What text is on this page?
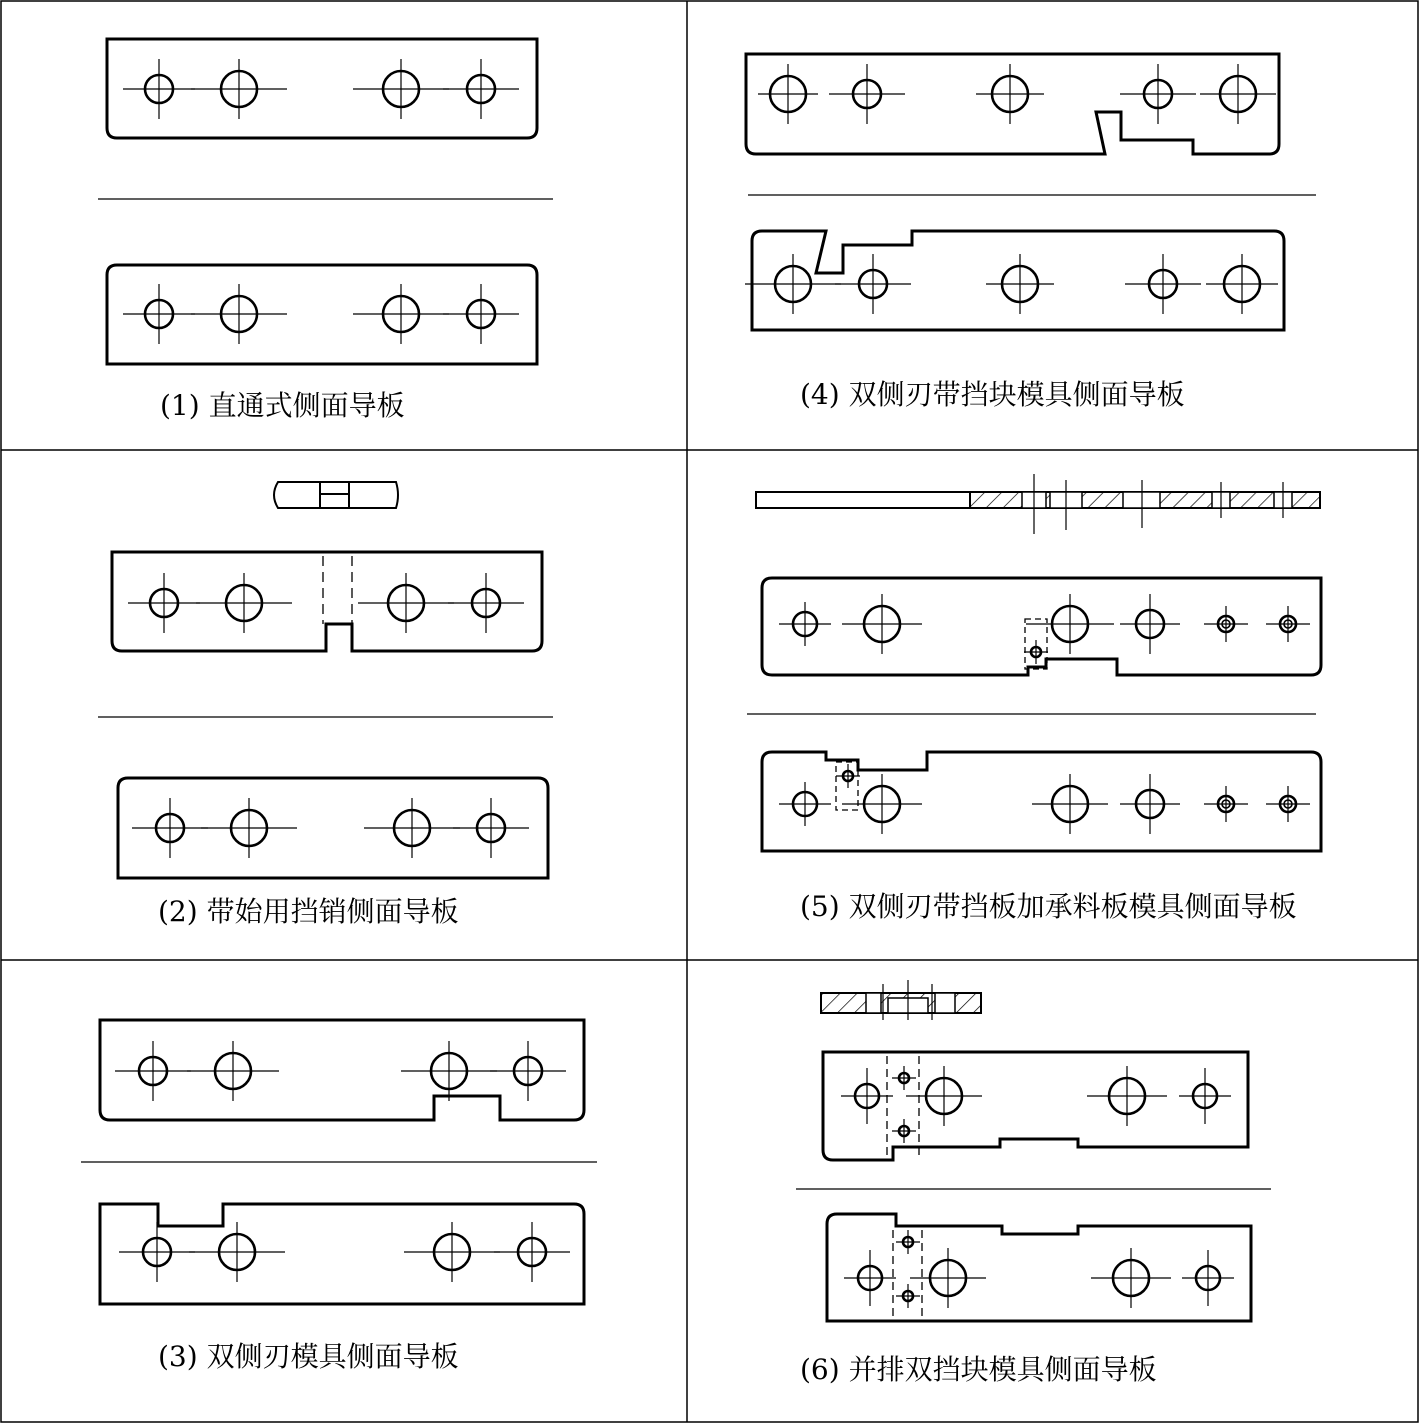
(1) 直通式侧面导板
(2) 带始用挡销侧面导板
(3) 双侧刃模具侧面导板
(4) 双侧刃带挡块模具侧面导板
(5) 双侧刃带挡板加承料板模具侧面导板
(6) 并排双挡块模具侧面导板
